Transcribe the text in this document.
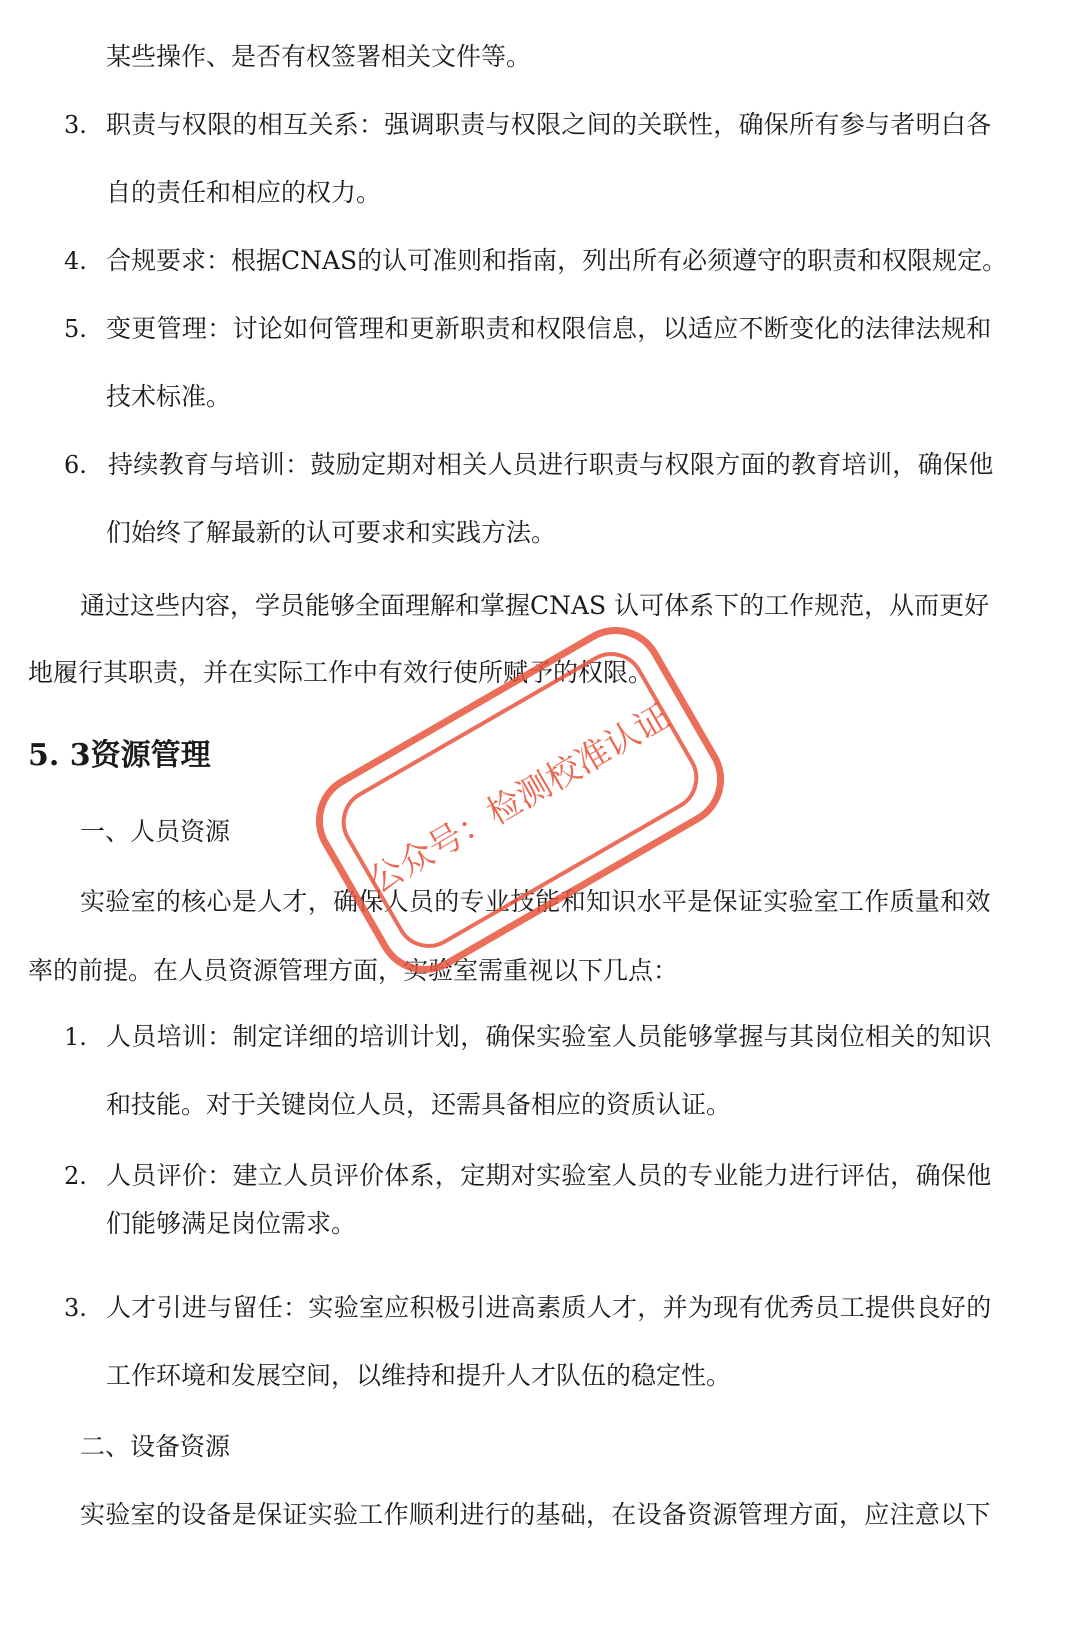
某些操作、是否有权签署相关文件等。
3. 职责与权限的相互关系：强调职责与权限之间的关联性，确保所有参与者明白各
自的责任和相应的权力。
4. 合规要求：根据CNAS的认可准则和指南，列出所有必须遵守的职责和权限规定。
5. 变更管理：讨论如何管理和更新职责和权限信息，以适应不断变化的法律法规和
技术标准。
6. 持续教育与培训：鼓励定期对相关人员进行职责与权限方面的教育培训，确保他
们始终了解最新的认可要求和实践方法。
通过这些内容，学员能够全面理解和掌握CNAS 认可体系下的工作规范，从而更好
地履行其职责，并在实际工作中有效行使所赋予的权限。
5. 3资源管理
一、人员资源
实验室的核心是人才，确保人员的专业技能和知识水平是保证实验室工作质量和效
率的前提。在人员资源管理方面，实验室需重视以下几点：
1. 人员培训：制定详细的培训计划，确保实验室人员能够掌握与其岗位相关的知识
和技能。对于关键岗位人员，还需具备相应的资质认证。
2. 人员评价：建立人员评价体系，定期对实验室人员的专业能力进行评估，确保他
们能够满足岗位需求。
3. 人才引进与留任：实验室应积极引进高素质人才，并为现有优秀员工提供良好的
工作环境和发展空间，以维持和提升人才队伍的稳定性。
二、设备资源
实验室的设备是保证实验工作顺利进行的基础，在设备资源管理方面，应注意以下
公众号：检测校准认证
